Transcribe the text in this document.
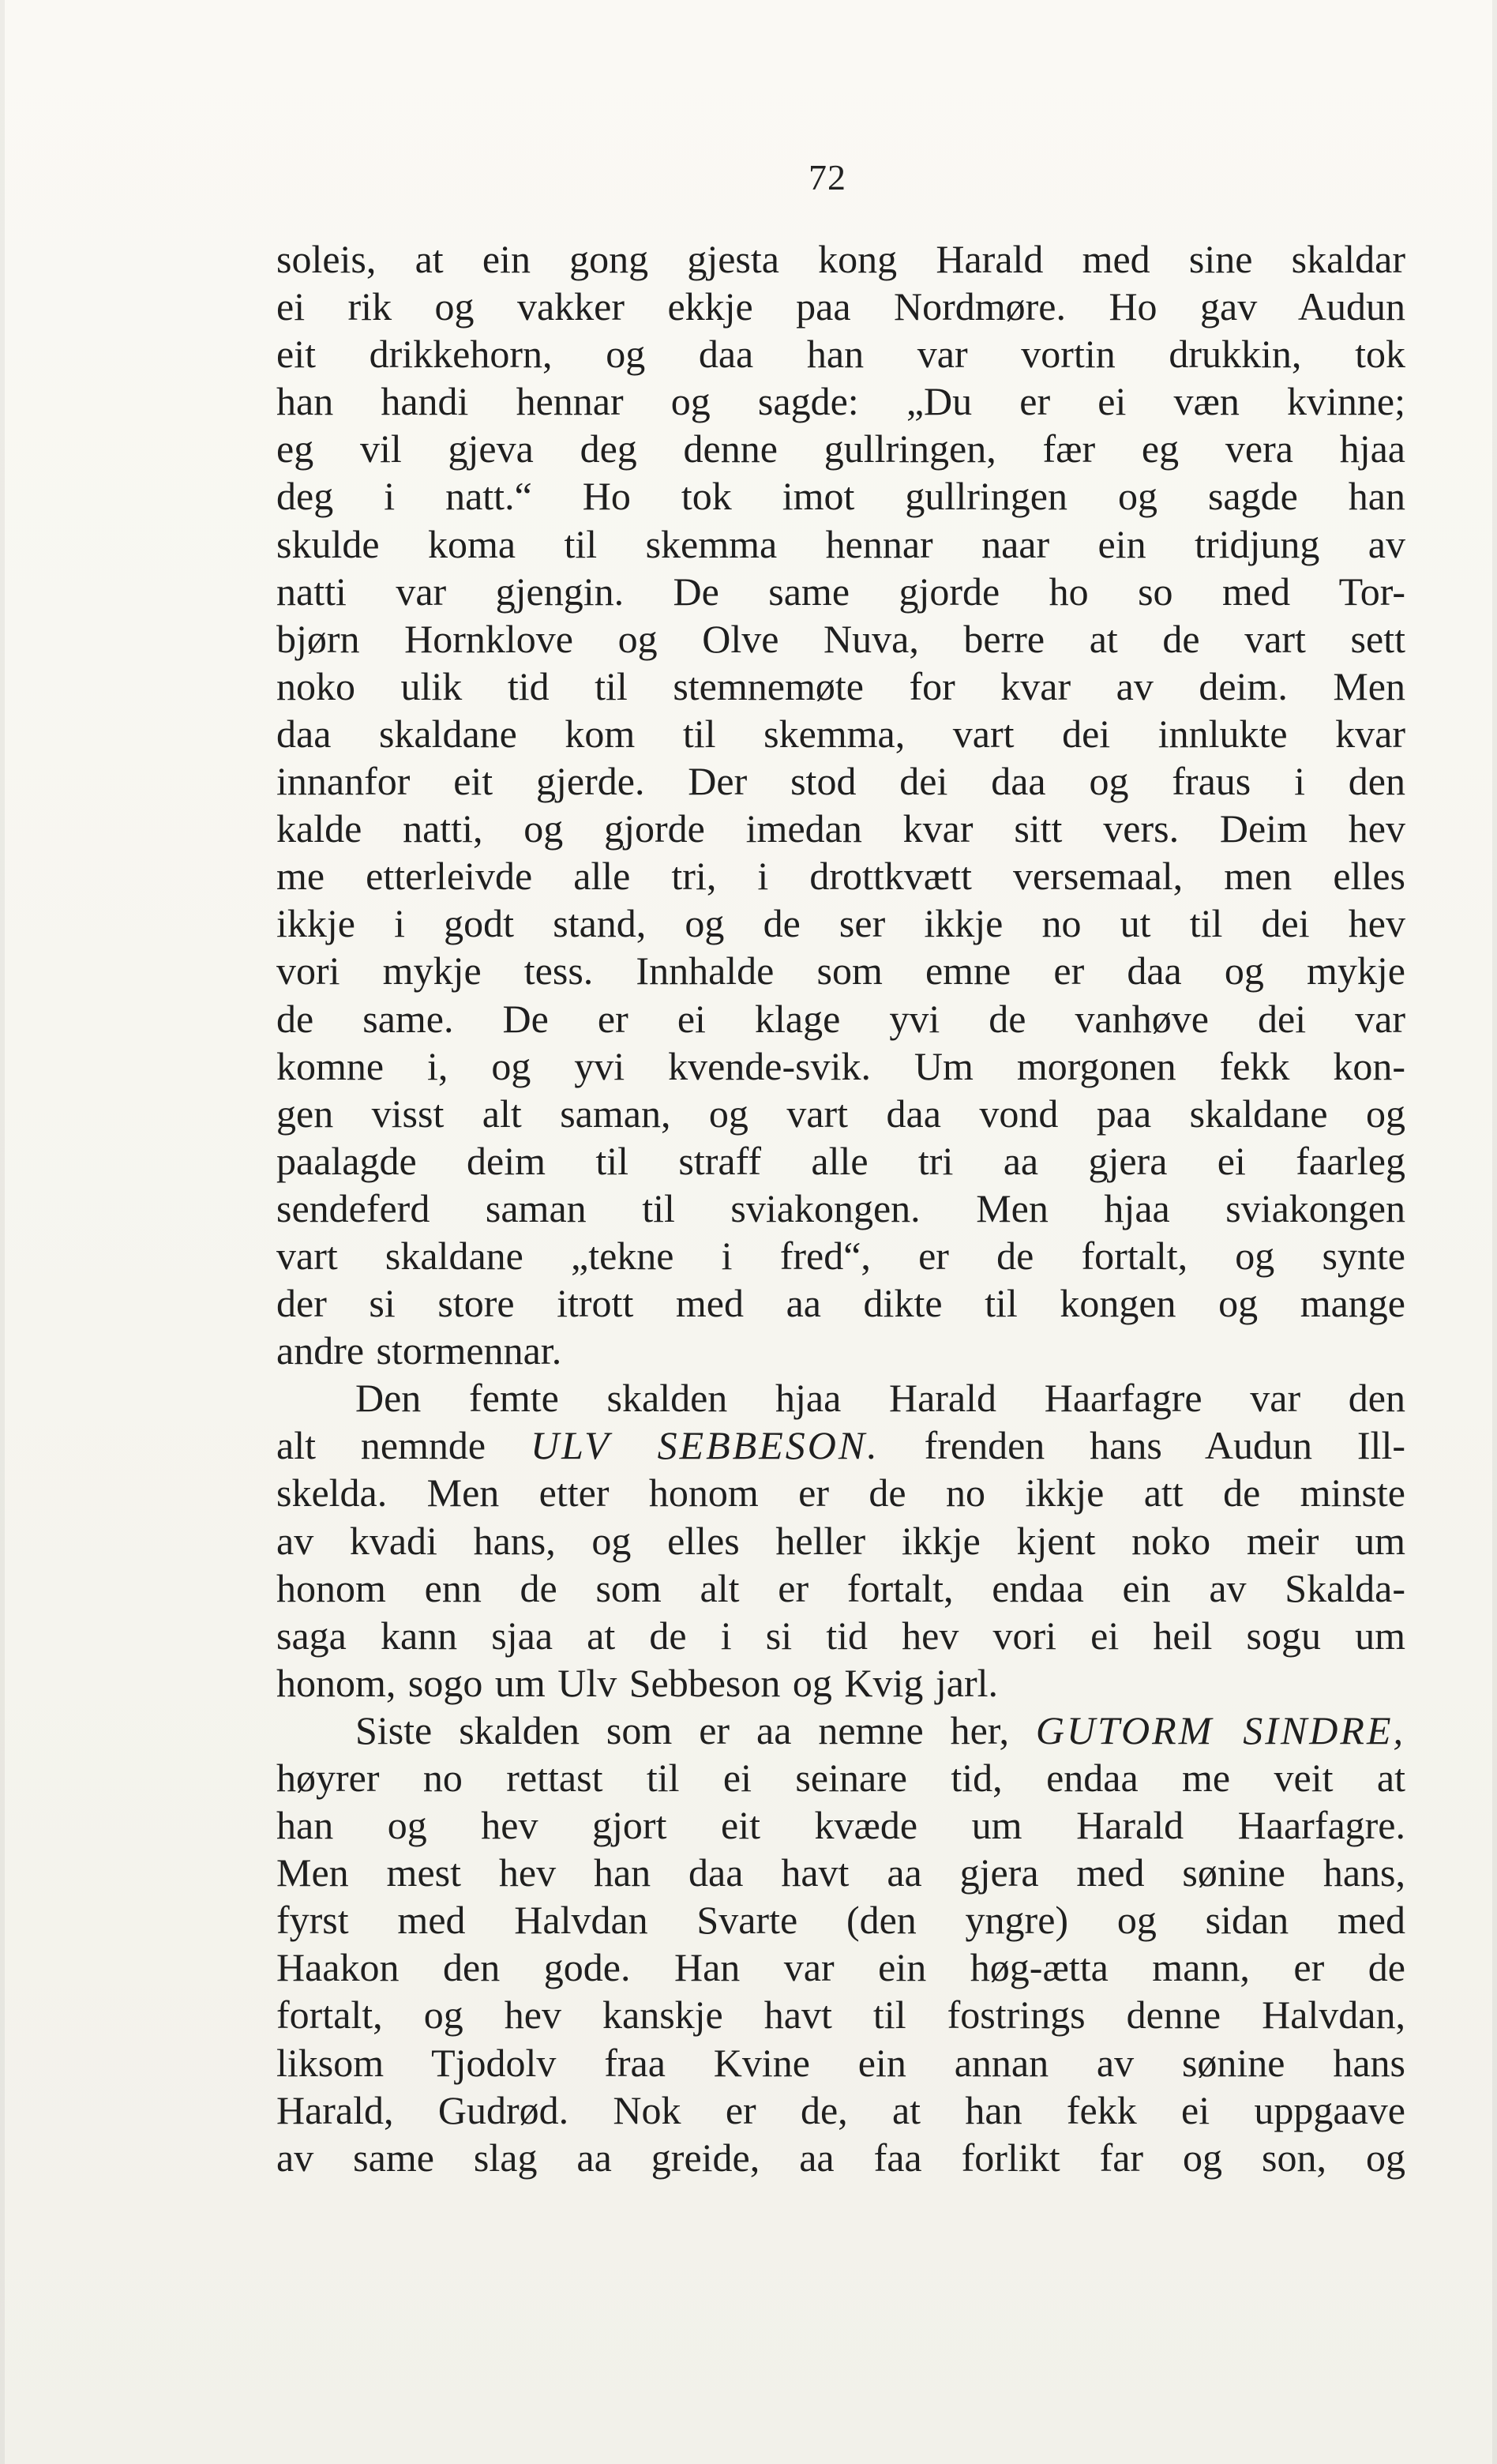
72
soleis, at ein gong gjesta kong Harald med sine skaldar
ei rik og vakker ekkje paa Nordmøre. Ho gav Audun
eit drikkehorn, og daa han var vortin drukkin, tok
han handi hennar og sagde: „Du er ei væn kvinne;
eg vil gjeva deg denne gullringen, fær eg vera hjaa
deg i natt.“ Ho tok imot gullringen og sagde han
skulde koma til skemma hennar naar ein tridjung av
natti var gjengin. De same gjorde ho so med Tor-
bjørn Hornklove og Olve Nuva, berre at de vart sett
noko ulik tid til stemnemøte for kvar av deim. Men
daa skaldane kom til skemma, vart dei innlukte kvar
innanfor eit gjerde. Der stod dei daa og fraus i den
kalde natti, og gjorde imedan kvar sitt vers. Deim hev
me etterleivde alle tri, i drottkvætt versemaal, men elles
ikkje i godt stand, og de ser ikkje no ut til dei hev
vori mykje tess. Innhalde som emne er daa og mykje
de same. De er ei klage yvi de vanhøve dei var
komne i, og yvi kvende-svik. Um morgonen fekk kon-
gen visst alt saman, og vart daa vond paa skaldane og
paalagde deim til straff alle tri aa gjera ei faarleg
sendeferd saman til sviakongen. Men hjaa sviakongen
vart skaldane „tekne i fred“, er de fortalt, og synte
der si store itrott med aa dikte til kongen og mange
andre stormennar.
Den femte skalden hjaa Harald Haarfagre var den
alt nemnde ULV SEBBESON. frenden hans Audun Ill-
skelda. Men etter honom er de no ikkje att de minste
av kvadi hans, og elles heller ikkje kjent noko meir um
honom enn de som alt er fortalt, endaa ein av Skalda-
saga kann sjaa at de i si tid hev vori ei heil sogu um
honom, sogo um Ulv Sebbeson og Kvig jarl.
Siste skalden som er aa nemne her, GUTORM SINDRE,
høyrer no rettast til ei seinare tid, endaa me veit at
han og hev gjort eit kvæde um Harald Haarfagre.
Men mest hev han daa havt aa gjera med sønine hans,
fyrst med Halvdan Svarte (den yngre) og sidan med
Haakon den gode. Han var ein høg-ætta mann, er de
fortalt, og hev kanskje havt til fostrings denne Halvdan,
liksom Tjodolv fraa Kvine ein annan av sønine hans
Harald, Gudrød. Nok er de, at han fekk ei uppgaave
av same slag aa greide, aa faa forlikt far og son, og
